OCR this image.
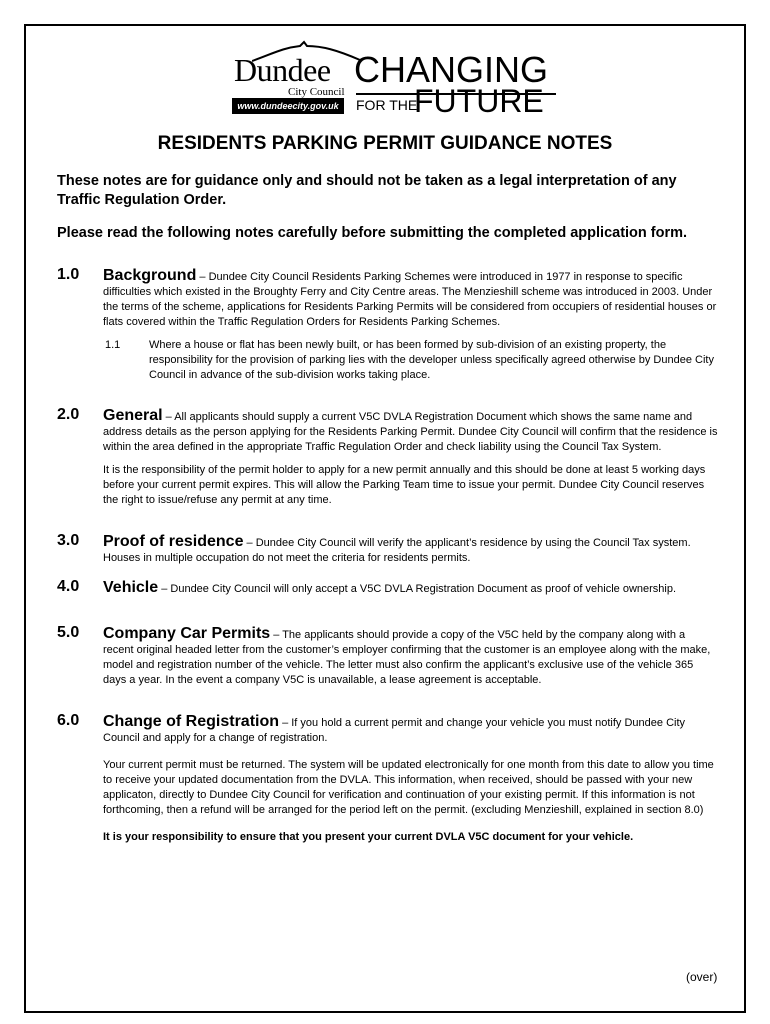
Dundee
City Council
www.dundeecity.gov.uk
CHANGING
FOR THE
FUTURE
RESIDENTS PARKING PERMIT GUIDANCE NOTES
These notes are for guidance only and should not be taken as a legal interpretation of any Traffic Regulation Order.
Please read the following notes carefully before submitting the completed application form.
1.0 Background – Dundee City Council Residents Parking Schemes were introduced in 1977 in response to specific difficulties which existed in the Broughty Ferry and City Centre areas. The Menzieshill scheme was introduced in 2003. Under the terms of the scheme, applications for Residents Parking Permits will be considered from occupiers of residential houses or flats covered within the Traffic Regulation Orders for Residents Parking Schemes.

1.1	Where a house or flat has been newly built, or has been formed by sub-division of an existing property, the responsibility for the provision of parking lies with the developer unless specifically agreed otherwise by Dundee City Council in advance of the sub-division works taking place.
2.0 General – All applicants should supply a current V5C DVLA Registration Document which shows the same name and address details as the person applying for the Residents Parking Permit. Dundee City Council will confirm that the residence is within the area defined in the appropriate Traffic Regulation Order and check liability using the Council Tax System.

It is the responsibility of the permit holder to apply for a new permit annually and this should be done at least 5 working days before your current permit expires. This will allow the Parking Team time to issue your permit. Dundee City Council reserves the right to issue/refuse any permit at any time.

3.0 Proof of residence – Dundee City Council will verify the applicant’s residence by using the Council Tax system. Houses in multiple occupation do not meet the criteria for residents permits.

4.0 Vehicle – Dundee City Council will only accept a V5C DVLA Registration Document as proof of vehicle ownership.

5.0 Company Car Permits – The applicants should provide a copy of the V5C held by the company along with a recent original headed letter from the customer’s employer confirming that the customer is an employee along with the make, model and registration number of the vehicle. The letter must also confirm the applicant’s exclusive use of the vehicle 365 days a year. In the event a company V5C is unavailable, a lease agreement is acceptable.

6.0 Change of Registration – If you hold a current permit and change your vehicle you must notify Dundee City Council and apply for a change of registration.

Your current permit must be returned. The system will be updated electronically for one month from this date to allow you time to receive your updated documentation from the DVLA. This information, when received, should be passed with your new applicaton, directly to Dundee City Council for verification and continuation of your existing permit. If this information is not forthcoming, then a refund will be arranged for the period left on the permit. (excluding Menzieshill, explained in section 8.0)

It is your responsibility to ensure that you present your current DVLA V5C document for your vehicle.

(over)
